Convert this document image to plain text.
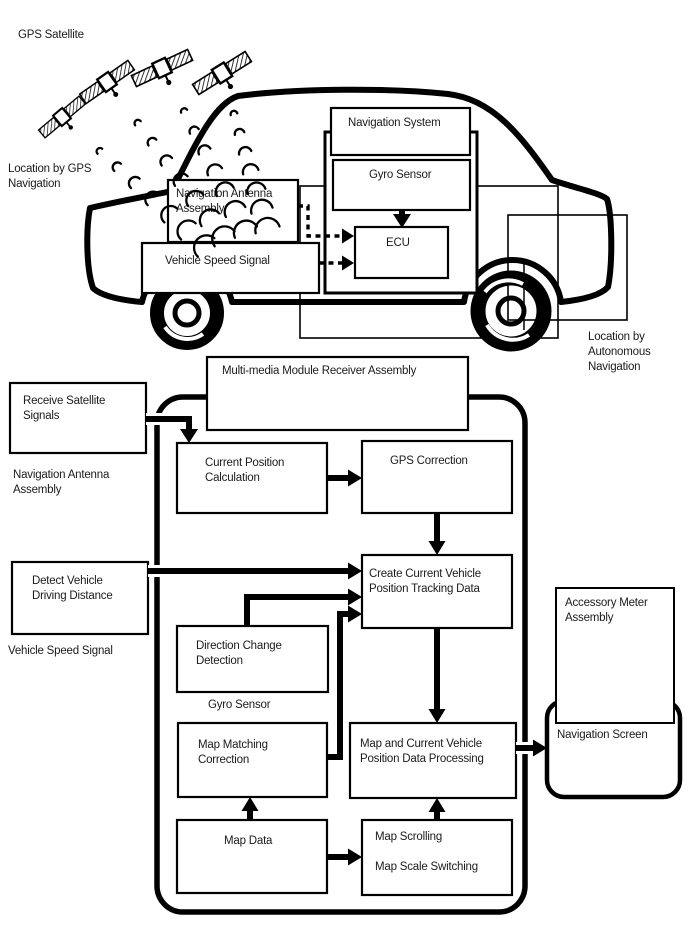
Navigation Antenna
Assembly
Vehicle Speed Signal
Navigation System
Gyro Sensor
ECU
GPS Satellite
Location by GPS
Navigation
Location by
Autonomous
Navigation
Multi-media Module Receiver Assembly
Receive Satellite
Signals
Navigation Antenna
Assembly
Current Position
Calculation
GPS Correction
Detect Vehicle
Driving Distance
Vehicle Speed Signal
Create Current Vehicle
Position Tracking Data
Direction Change
Detection
Gyro Sensor
Map Matching
Correction
Map and Current Vehicle
Position Data Processing
Map Data	Map Scrolling
Map Scale Switching
Accessory Meter
Assembly
Navigation Screen
